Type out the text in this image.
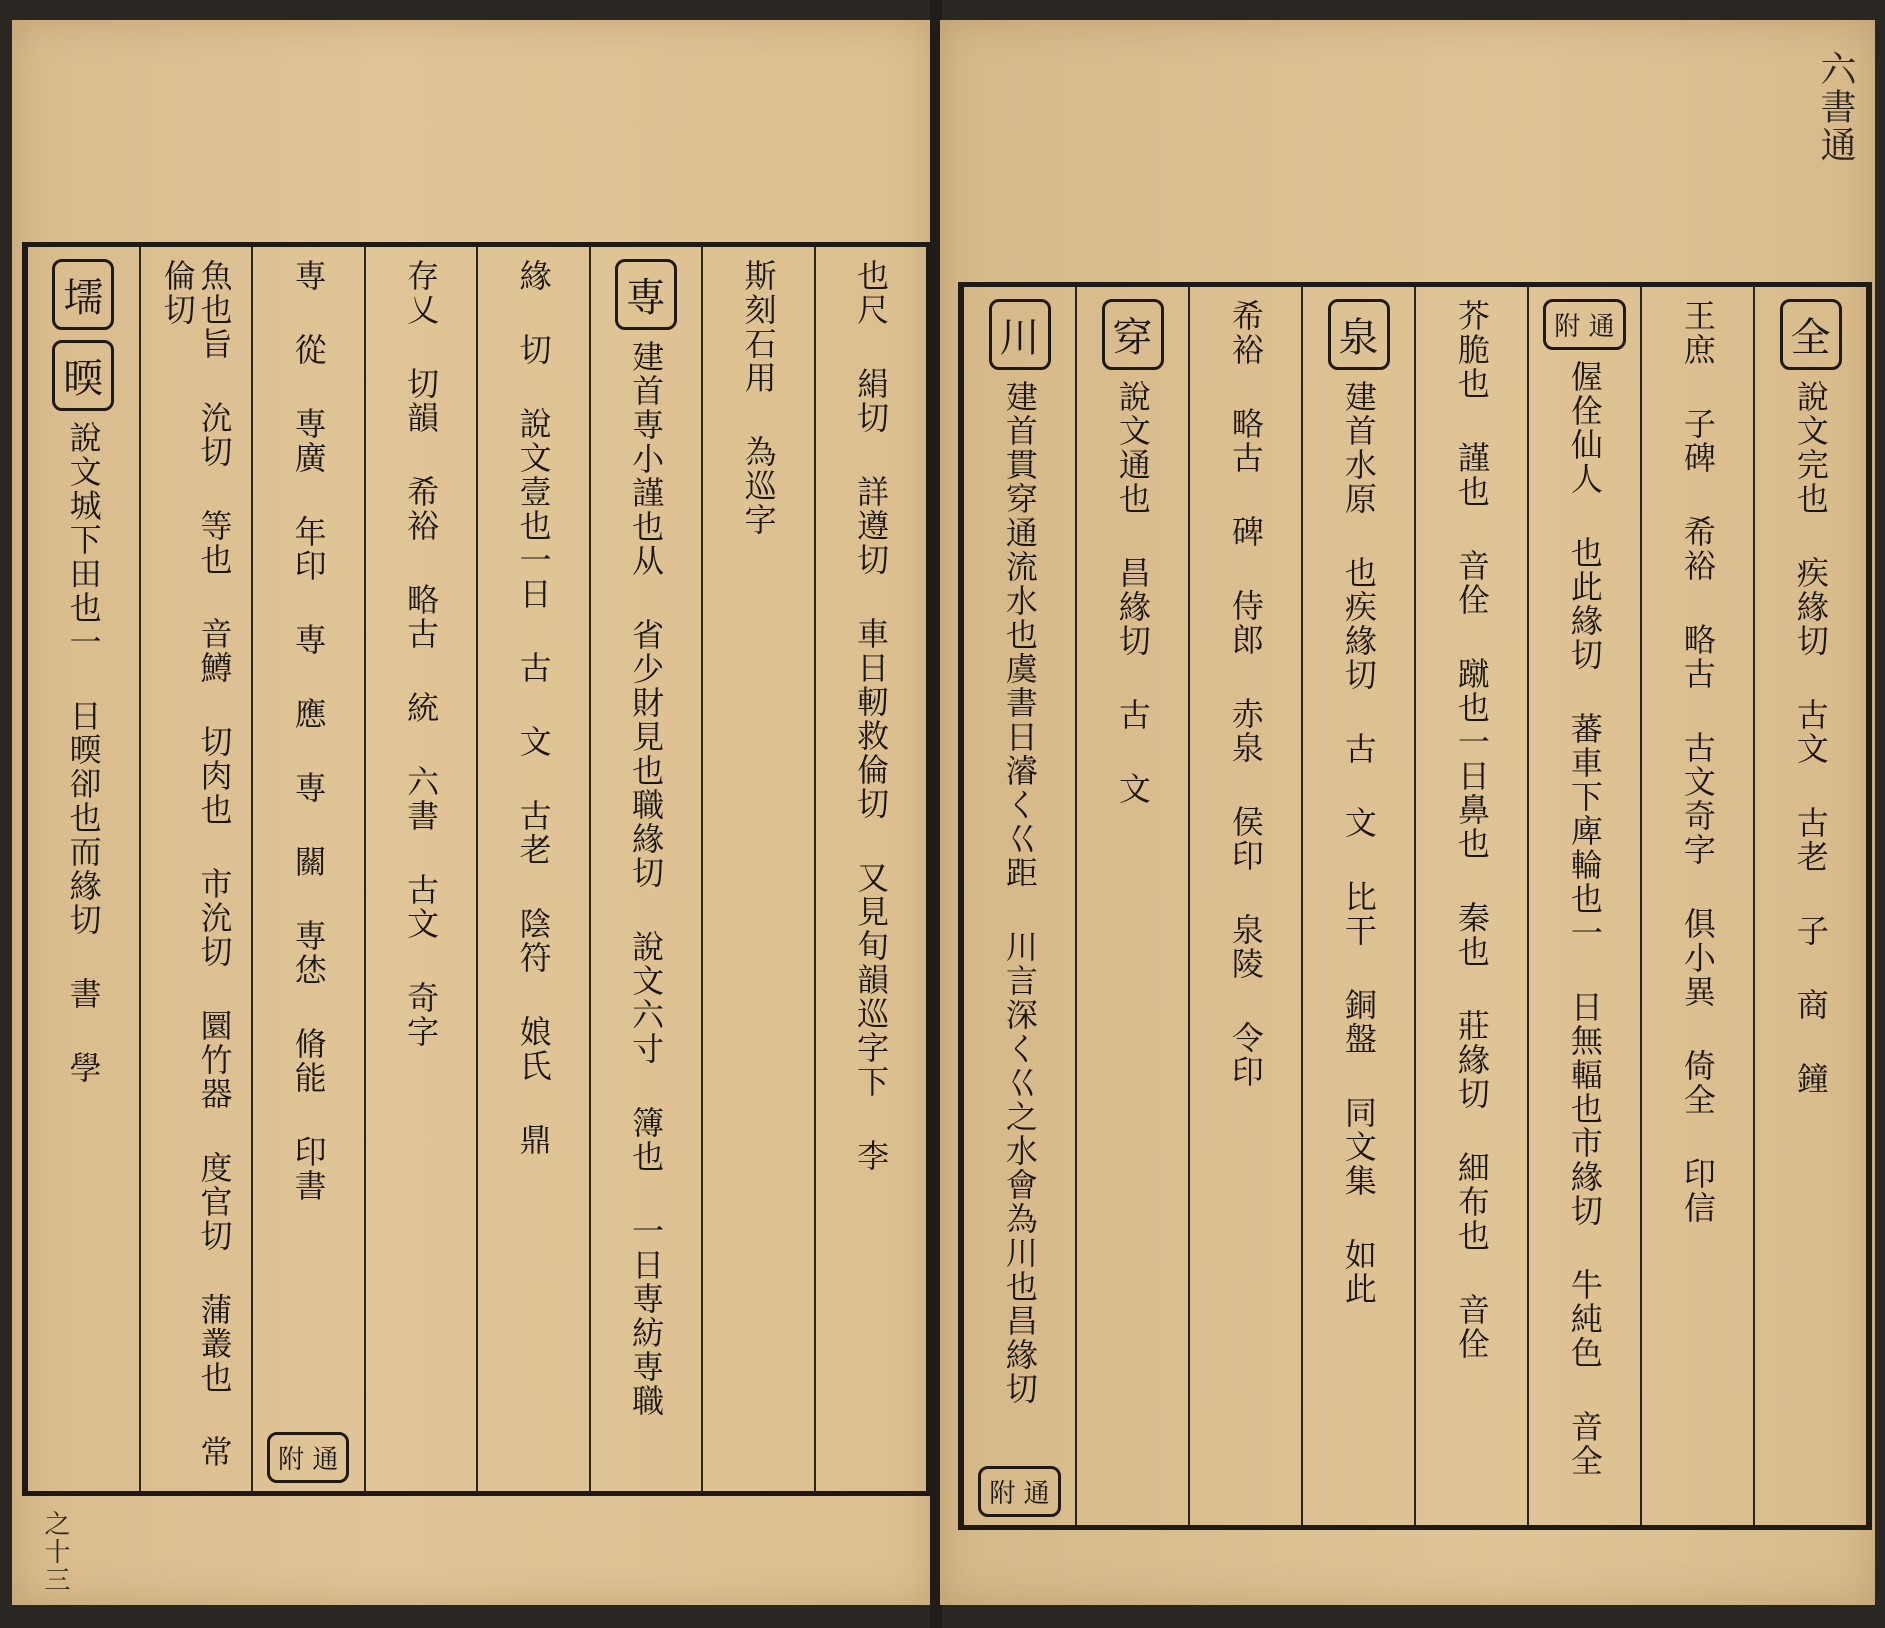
也尺 絹切 詳遵切 車日軔救倫切 又見旬韻巡字下 李
斯刻石用 為巡字
専
建首専小謹也从 省少財見也職緣切 說文六寸 簿也 一日専紡専職
緣 切 說文壹也一日 古 文 古老 陰符 娘氏 鼎
存乂 切韻 希裕 略古 統 六書 古文 奇字
専 從 専廣 年印 専 應 専 關 専恷 脩能 印書
附 通
魚也旨 沇切 等也 音鱒 切肉也 市沇切 圜竹器 度官切 蒲叢也 常倫切
壖
㬉
說文城下田也一 日㬉卻也而緣切 書 學
之十三
六書通
全
說文完也 疾緣切 古文 古老 子 商 鐘
王庶 子碑 希裕 略古 古文奇字 俱小異 倚全 印信
附 通
偓佺仙人 也此緣切 蕃車下庳輪也一 日無輻也市緣切 牛純色 音全
芥脆也 謹也 音佺 蹴也一日鼻也 秦也 莊緣切 細布也 音佺
泉
建首水原 也疾緣切 古 文 比干 銅盤 同文集 如此
希裕 略古 碑 侍郎 赤泉 侯印 泉陵 令印
穿
說文通也 昌緣切 古 文
川
建首貫穿通流水也虞書日濬く巜距 川言深く巜之水會為川也昌緣切
附 通
